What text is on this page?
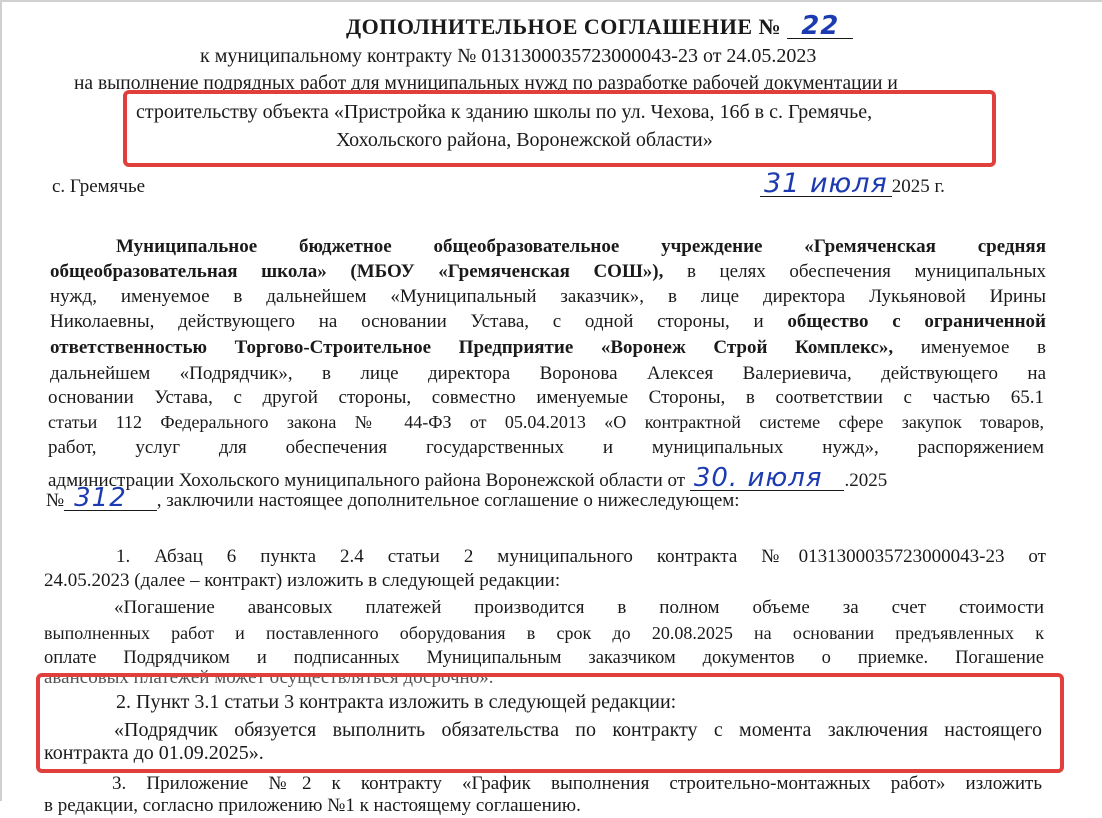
ДОПОЛНИТЕЛЬНОЕ СОГЛАШЕНИЕ № 22
к муниципальному контракту № 0131300035723000043-23 от 24.05.2023
на выполнение подрядных работ для муниципальных нужд по разработке рабочей документации и
строительству объекта «Пристройка к зданию школы по ул. Чехова, 16б в с. Гремячье,
Хохольского района, Воронежской области»
с. Гремячье	31 июля 2025 г.
Муниципальное бюджетное общеобразовательное учреждение «Гремяченская средняя
общеобразовательная школа» (МБОУ «Гремяченская СОШ»), в целях обеспечения муниципальных
нужд, именуемое в дальнейшем «Муниципальный заказчик», в лице директора Лукьяновой Ирины
Николаевны, действующего на основании Устава, с одной стороны, и общество с ограниченной
ответственностью Торгово-Строительное Предприятие «Воронеж Строй Комплекс», именуемое в
дальнейшем «Подрядчик», в лице директора Воронова Алексея Валериевича, действующего на
основании Устава, с другой стороны, совместно именуемые Стороны, в соответствии с частью 65.1
статьи 112 Федерального закона № 44-ФЗ от 05.04.2013 «О контрактной системе сфере закупок товаров,
работ, услуг для обеспечения государственных и муниципальных нужд», распоряжением
администрации Хохольского муниципального района Воронежской области от 30. июля .2025
№ 312 , заключили настоящее дополнительное соглашение о нижеследующем:
1. Абзац 6 пункта 2.4 статьи 2 муниципального контракта №0131300035723000043-23 от
24.05.2023 (далее – контракт) изложить в следующей редакции:
«Погашение авансовых платежей производится в полном объеме за счет стоимости
выполненных работ и поставленного оборудования в срок до 20.08.2025 на основании предъявленных к
оплате Подрядчиком и подписанных Муниципальным заказчиком документов о приемке. Погашение
авансовых платежей может осуществляться досрочно».
2. Пункт 3.1 статьи 3 контракта изложить в следующей редакции:
«Подрядчик обязуется выполнить обязательства по контракту с момента заключения настоящего
контракта до 01.09.2025».
3. Приложение №2 к контракту «График выполнения строительно-монтажных работ» изложить
в редакции, согласно приложению №1 к настоящему соглашению.
